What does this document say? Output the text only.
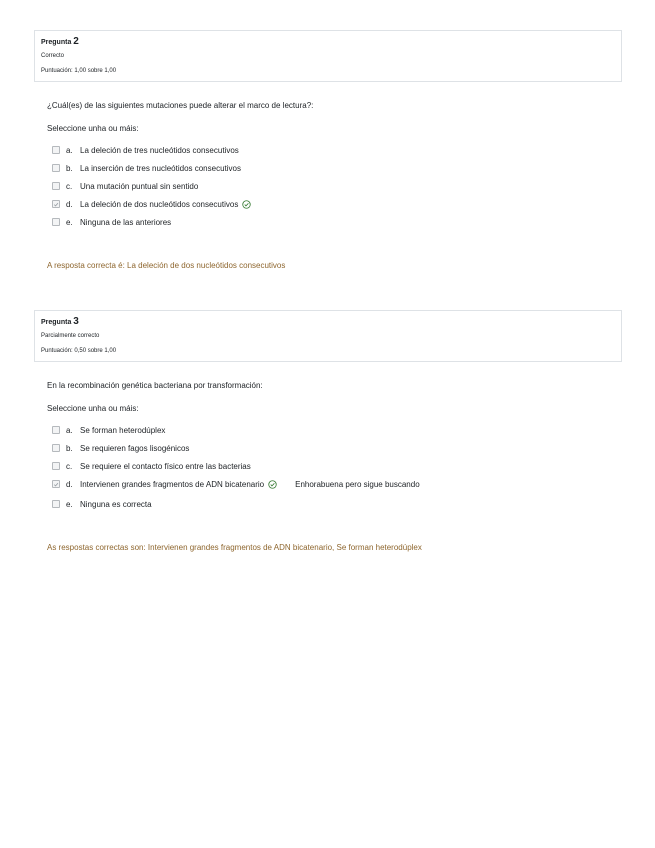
Pregunta 2
Correcto
Puntuación: 1,00 sobre 1,00
¿Cuál(es) de las siguientes mutaciones puede alterar el marco de lectura?:
Seleccione unha ou máis:
a. La deleción de tres nucleótidos consecutivos
b. La inserción de tres nucleótidos consecutivos
c. Una mutación puntual sin sentido
d. La deleción de dos nucleótidos consecutivos
e. Ninguna de las anteriores
A resposta correcta é: La deleción de dos nucleótidos consecutivos
Pregunta 3
Parcialmente correcto
Puntuación: 0,50 sobre 1,00
En la recombinación genética bacteriana por transformación:
Seleccione unha ou máis:
a. Se forman heterodúplex
b. Se requieren fagos lisogénicos
c. Se requiere el contacto físico entre las bacterias
d. Intervienen grandes fragmentos de ADN bicatenario	Enhorabuena pero sigue buscando
e. Ninguna es correcta
As respostas correctas son: Intervienen grandes fragmentos de ADN bicatenario, Se forman heterodúplex
